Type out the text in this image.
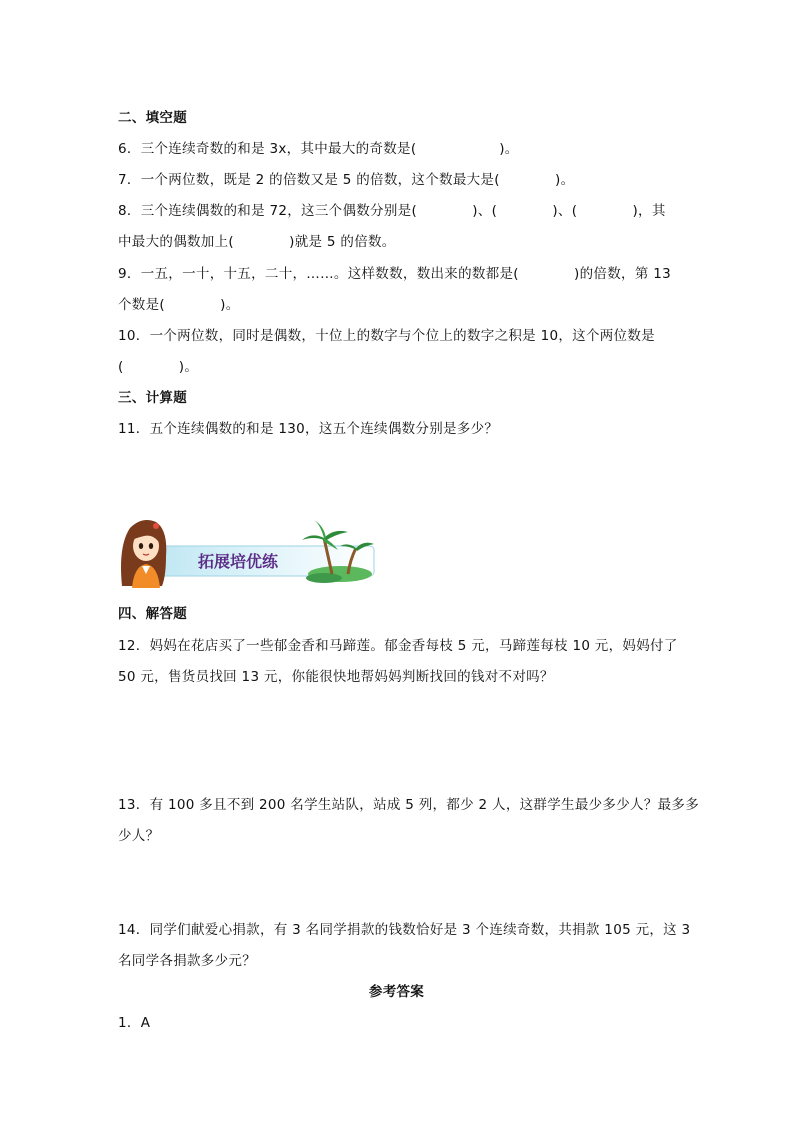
二、填空题
6．三个连续奇数的和是 3x，其中最大的奇数是(　　　　　　)。
7．一个两位数，既是 2 的倍数又是 5 的倍数，这个数最大是(　　　　)。
8．三个连续偶数的和是 72，这三个偶数分别是(　　　　)、(　　　　)、(　　　　)，其
中最大的偶数加上(　　　　)就是 5 的倍数。
9．一五，一十，十五，二十，……。这样数数，数出来的数都是(　　　　)的倍数，第 13
个数是(　　　　)。
10．一个两位数，同时是偶数，十位上的数字与个位上的数字之积是 10，这个两位数是
(　　　　)。
三、计算题
11．五个连续偶数的和是 130，这五个连续偶数分别是多少？
拓展培优练
四、解答题
12．妈妈在花店买了一些郁金香和马蹄莲。郁金香每枝 5 元，马蹄莲每枝 10 元，妈妈付了
50 元，售货员找回 13 元，你能很快地帮妈妈判断找回的钱对不对吗？
13．有 100 多且不到 200 名学生站队，站成 5 列，都少 2 人，这群学生最少多少人？最多多
少人？
14．同学们献爱心捐款，有 3 名同学捐款的钱数恰好是 3 个连续奇数，共捐款 105 元，这 3
名同学各捐款多少元？
参考答案
1．A
